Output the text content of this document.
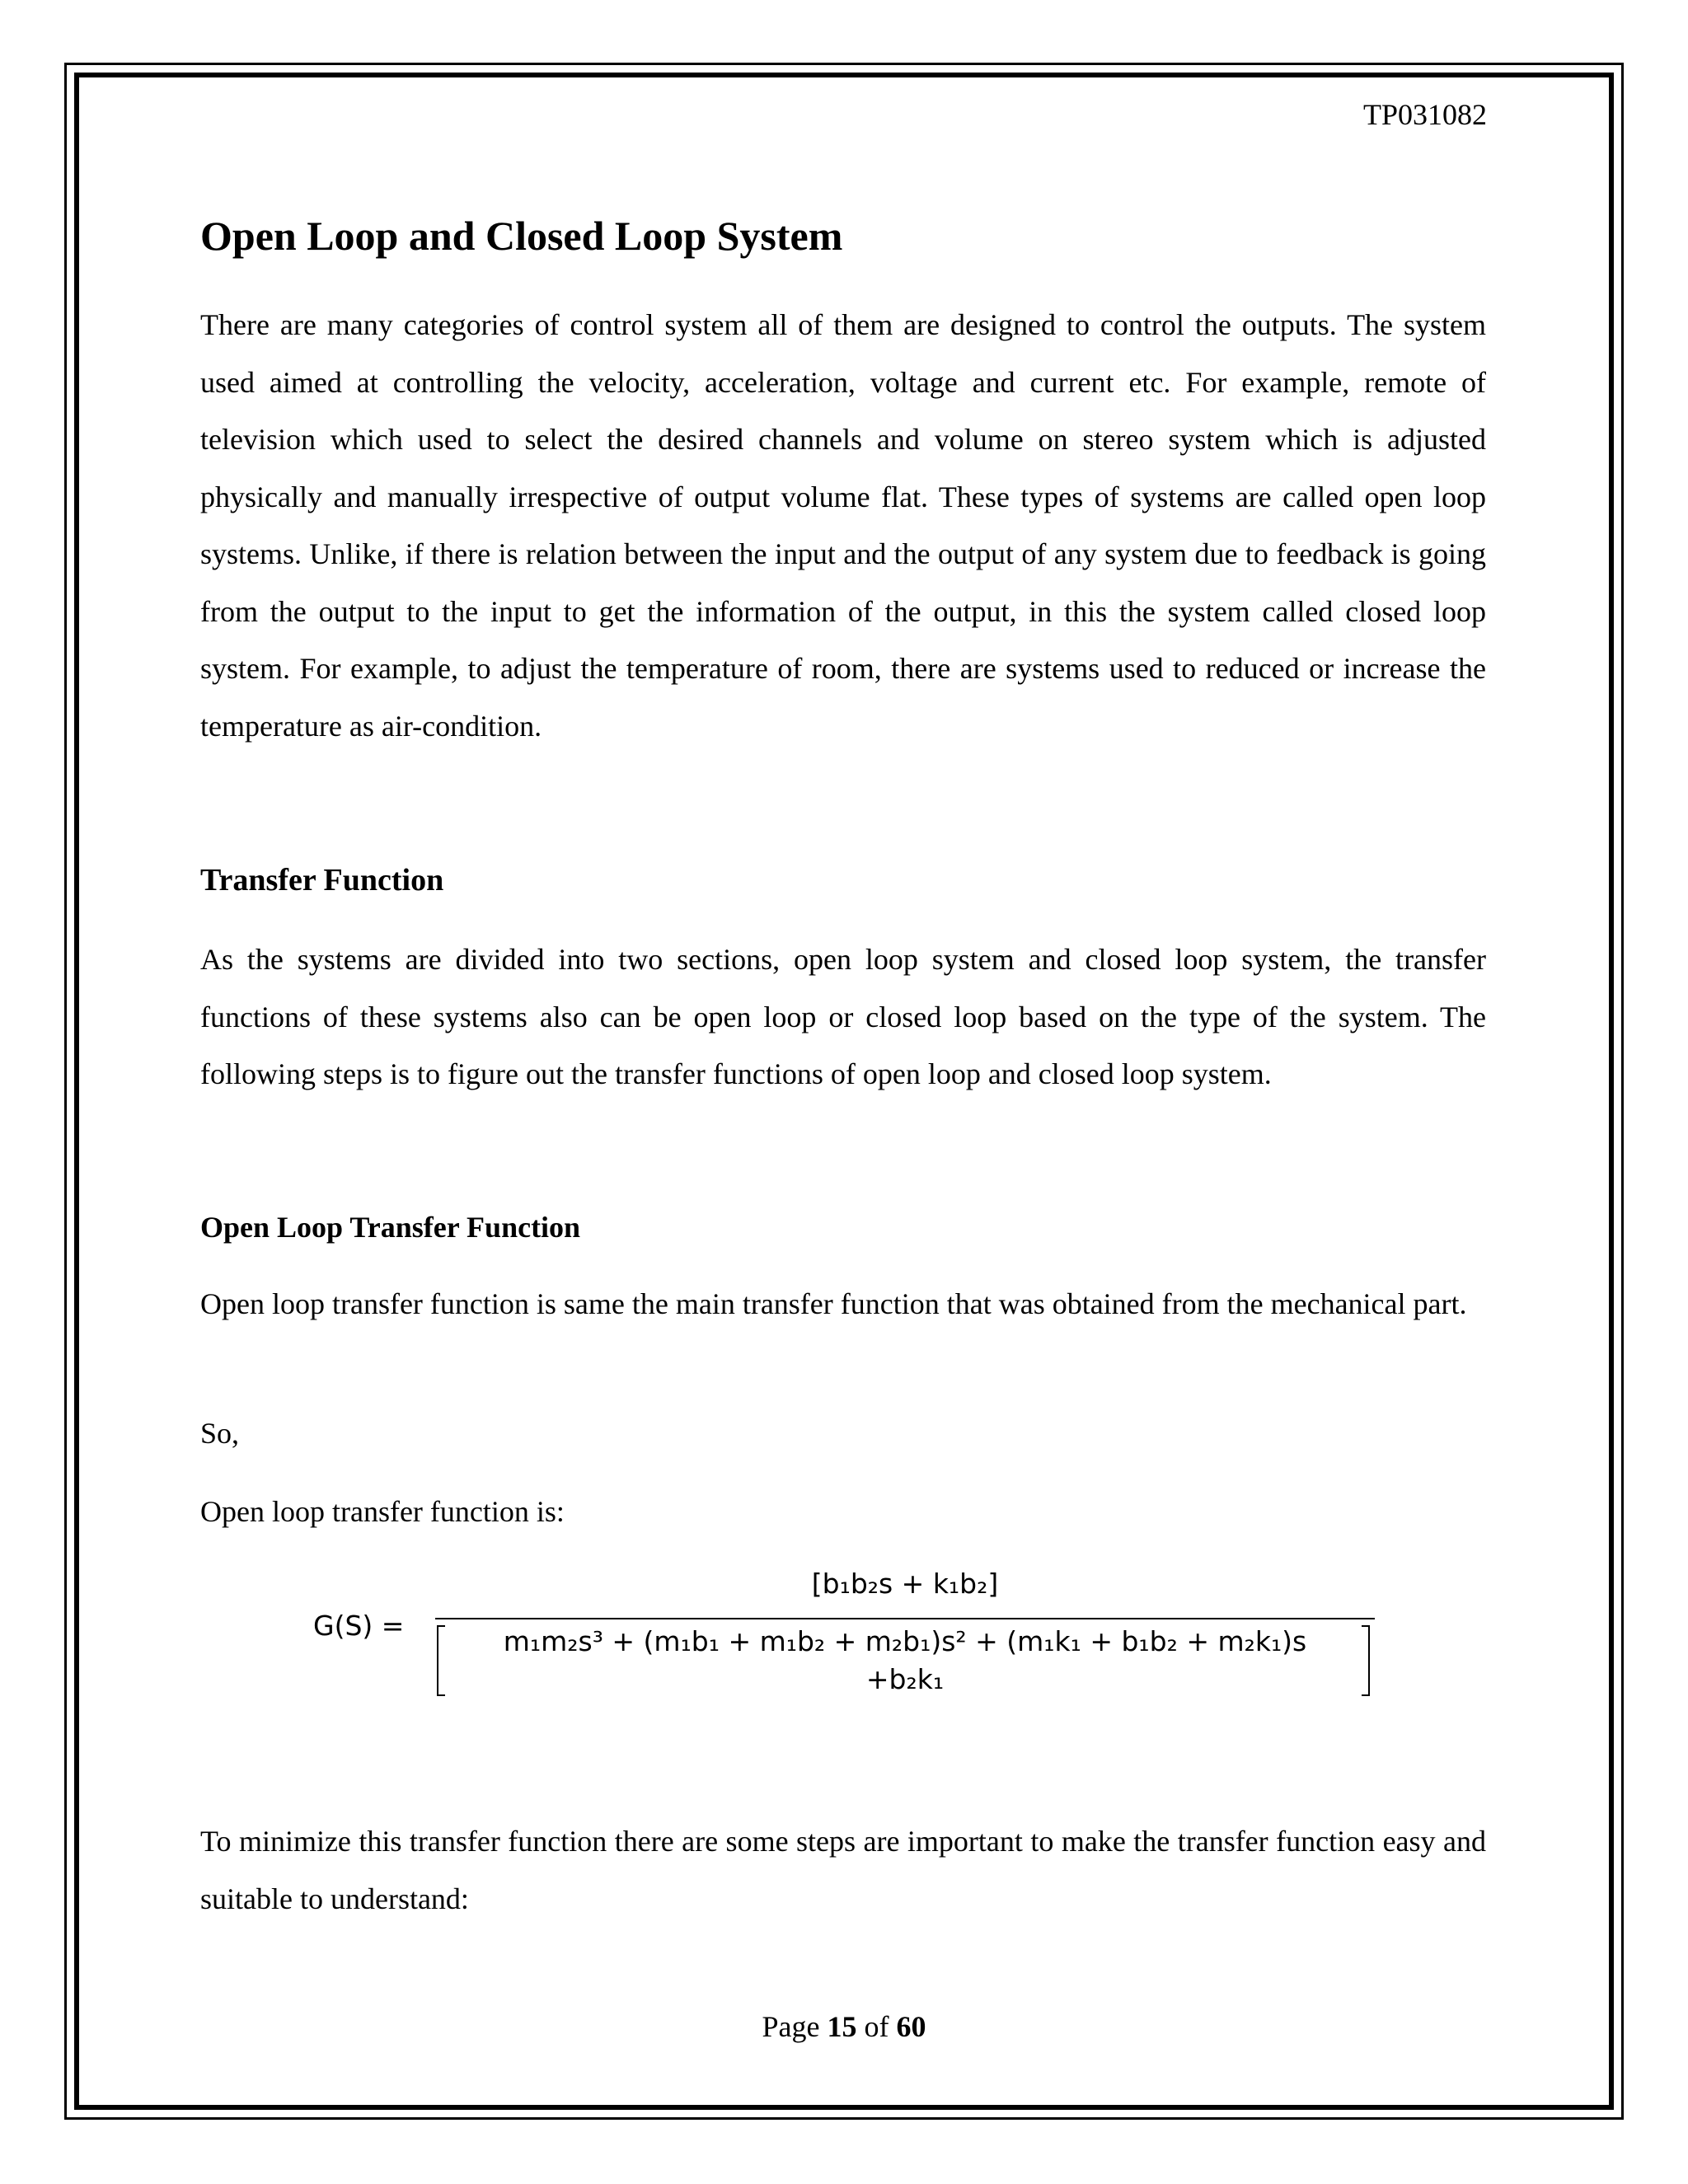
TP031082
Open Loop and Closed Loop System

There are many categories of control system all of them are designed to control the outputs. The system used aimed at controlling the velocity, acceleration, voltage and current etc. For example, remote of television which used to select the desired channels and volume on stereo system which is adjusted physically and manually irrespective of output volume flat. These types of systems are called open loop systems. Unlike, if there is relation between the input and the output of any system due to feedback is going from the output to the input to get the information of the output, in this the system called closed loop system. For example, to adjust the temperature of room, there are systems used to reduced or increase the temperature as air-condition.

Transfer Function

As the systems are divided into two sections, open loop system and closed loop system, the transfer functions of these systems also can be open loop or closed loop based on the type of the system. The following steps is to figure out the transfer functions of open loop and closed loop system.

Open Loop Transfer Function

Open loop transfer function is same the main transfer function that was obtained from the mechanical part.

So,

Open loop transfer function is:

To minimize this transfer function there are some steps are important to make the transfer function easy and suitable to understand:

G(S) =
[b₁b₂s + k₁b₂]
m₁m₂s³ + (m₁b₁ + m₁b₂ + m₂b₁)s² + (m₁k₁ + b₁b₂ + m₂k₁)s
+b₂k₁
Page 15 of 60
